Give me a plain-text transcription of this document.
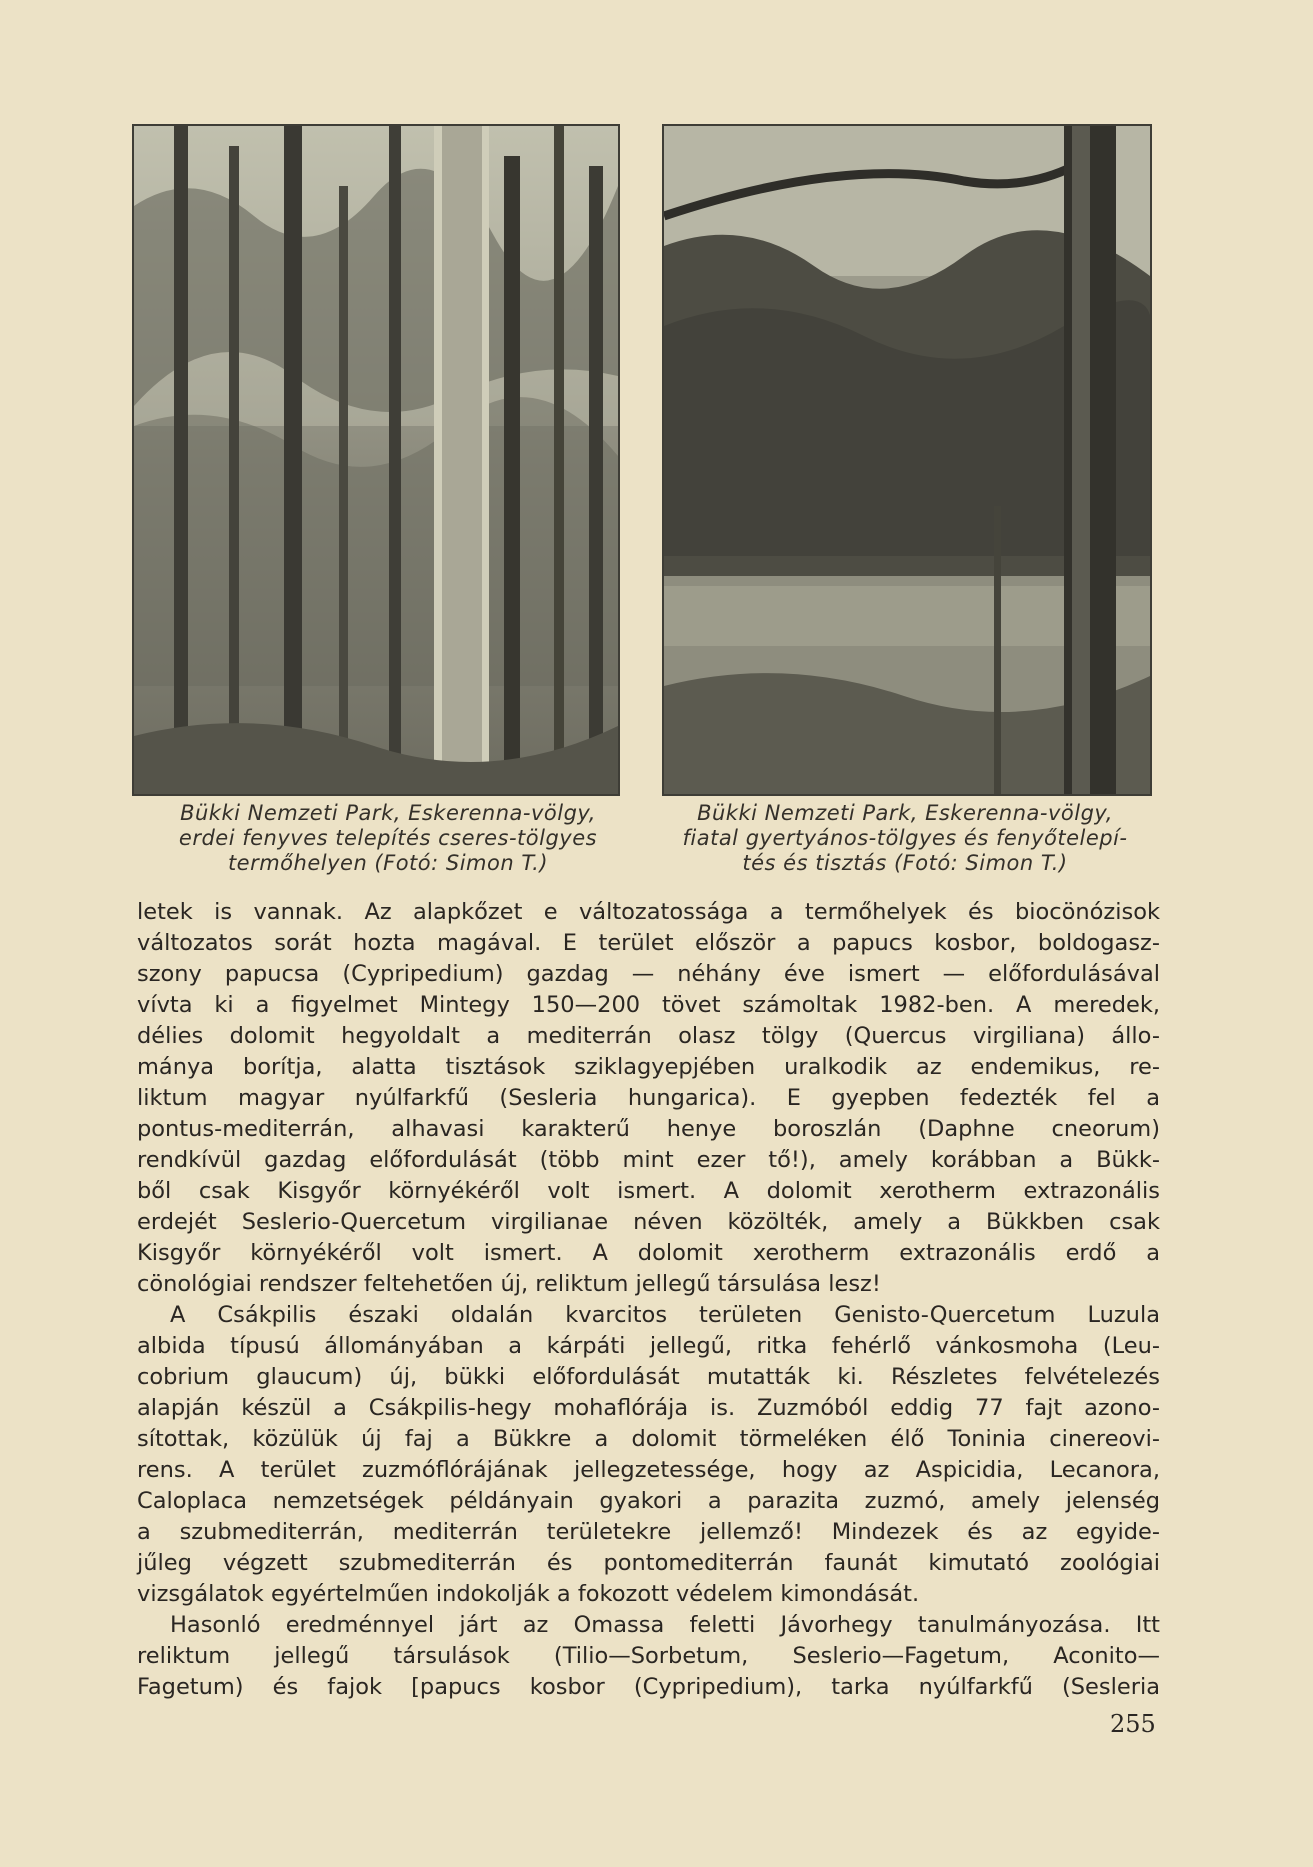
Bükki Nemzeti Park, Eskerenna-völgy,
erdei fenyves telepítés cseres-tölgyes
termőhelyen (Fotó: Simon T.)
Bükki Nemzeti Park, Eskerenna-völgy,
fiatal gyertyános-tölgyes és fenyőtelepí-
tés és tisztás (Fotó: Simon T.)
letek is vannak. Az alapkőzet e változatossága a termőhelyek és biocönózisok
változatos sorát hozta magával. E terület először a papucs kosbor, boldogasz-
szony papucsa (Cypripedium) gazdag — néhány éve ismert — előfordulásával
vívta ki a figyelmet Mintegy 150—200 tövet számoltak 1982-ben. A meredek,
délies dolomit hegyoldalt a mediterrán olasz tölgy (Quercus virgiliana) állo-
mánya borítja, alatta tisztások sziklagyepjében uralkodik az endemikus, re-
liktum magyar nyúlfarkfű (Sesleria hungarica). E gyepben fedezték fel a
pontus-mediterrán, alhavasi karakterű henye boroszlán (Daphne cneorum)
rendkívül gazdag előfordulását (több mint ezer tő!), amely korábban a Bükk-
ből csak Kisgyőr környékéről volt ismert. A dolomit xerotherm extrazonális
erdejét Seslerio-Quercetum virgilianae néven közölték, amely a Bükkben csak
Kisgyőr környékéről volt ismert. A dolomit xerotherm extrazonális erdő a
cönológiai rendszer feltehetően új, reliktum jellegű társulása lesz!
A Csákpilis északi oldalán kvarcitos területen Genisto-Quercetum Luzula
albida típusú állományában a kárpáti jellegű, ritka fehérlő vánkosmoha (Leu-
cobrium glaucum) új, bükki előfordulását mutatták ki. Részletes felvételezés
alapján készül a Csákpilis-hegy mohaflórája is. Zuzmóból eddig 77 fajt azono-
sítottak, közülük új faj a Bükkre a dolomit törmeléken élő Toninia cinereovi-
rens. A terület zuzmóflórájának jellegzetessége, hogy az Aspicidia, Lecanora,
Caloplaca nemzetségek példányain gyakori a parazita zuzmó, amely jelenség
a szubmediterrán, mediterrán területekre jellemző! Mindezek és az egyide-
jűleg végzett szubmediterrán és pontomediterrán faunát kimutató zoológiai
vizsgálatok egyértelműen indokolják a fokozott védelem kimondását.
Hasonló eredménnyel járt az Omassa feletti Jávorhegy tanulmányozása. Itt
reliktum jellegű társulások (Tilio—Sorbetum, Seslerio—Fagetum, Aconito—
Fagetum) és fajok [papucs kosbor (Cypripedium), tarka nyúlfarkfű (Sesleria
255
